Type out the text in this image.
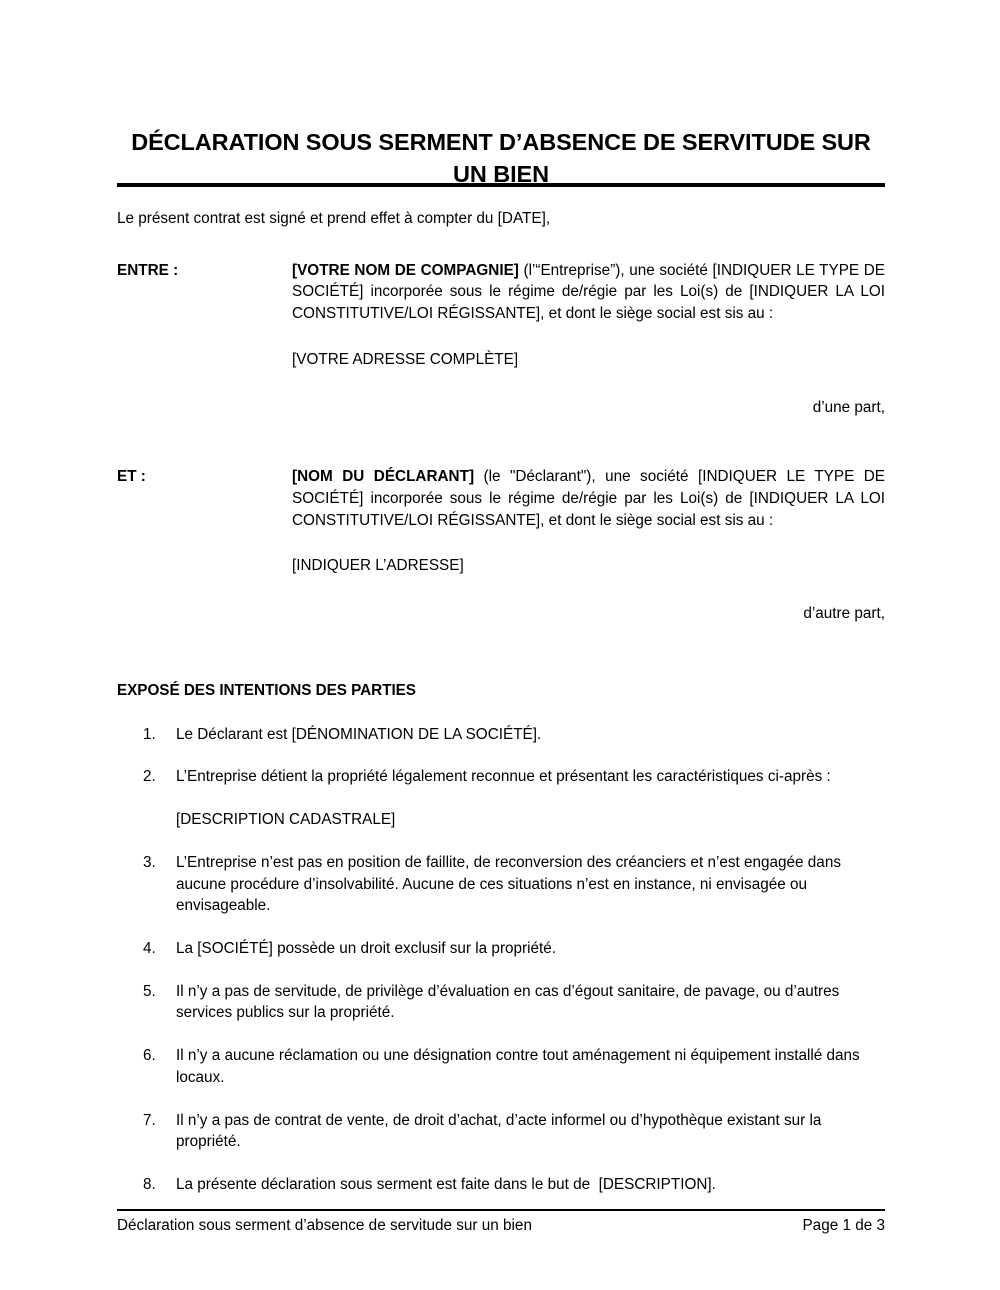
DÉCLARATION SOUS SERMENT D’ABSENCE DE SERVITUDE SUR UN BIEN

Le présent contrat est signé et prend effet à compter du [DATE],

ENTRE :	[VOTRE NOM DE COMPAGNIE] (l’“Entreprise”), une société [INDIQUER LE TYPE DE SOCIÉTÉ] incorporée sous le régime de/régie par les Loi(s) de [INDIQUER LA LOI CONSTITUTIVE/LOI RÉGISSANTE], et dont le siège social est sis au :

[VOTRE ADRESSE COMPLÈTE]

d’une part,

ET :	[NOM DU DÉCLARANT] (le "Déclarant"), une société [INDIQUER LE TYPE DE SOCIÉTÉ] incorporée sous le régime de/régie par les Loi(s) de [INDIQUER LA LOI CONSTITUTIVE/LOI RÉGISSANTE], et dont le siège social est sis au :

[INDIQUER L’ADRESSE]

d’autre part,

EXPOSÉ DES INTENTIONS DES PARTIES
1.	Le Déclarant est [DÉNOMINATION DE LA SOCIÉTÉ].
2.	L’Entreprise détient la propriété légalement reconnue et présentant les caractéristiques ci-après :
[DESCRIPTION CADASTRALE]
3.	L’Entreprise n’est pas en position de faillite, de reconversion des créanciers et n’est engagée dans aucune procédure d’insolvabilité. Aucune de ces situations n’est en instance, ni envisagée ou envisageable.
4.	La [SOCIÉTÉ] possède un droit exclusif sur la propriété.
5.	Il n’y a pas de servitude, de privilège d’évaluation en cas d’égout sanitaire, de pavage, ou d’autres services publics sur la propriété.
6.	Il n’y a aucune réclamation ou une désignation contre tout aménagement ni équipement installé dans locaux.
7.	Il n’y a pas de contrat de vente, de droit d’achat, d’acte informel ou d’hypothèque existant sur la propriété.
8.	La présente déclaration sous serment est faite dans le but de  [DESCRIPTION].
Déclaration sous serment d’absence de servitude sur un bien	Page 1 de 3
